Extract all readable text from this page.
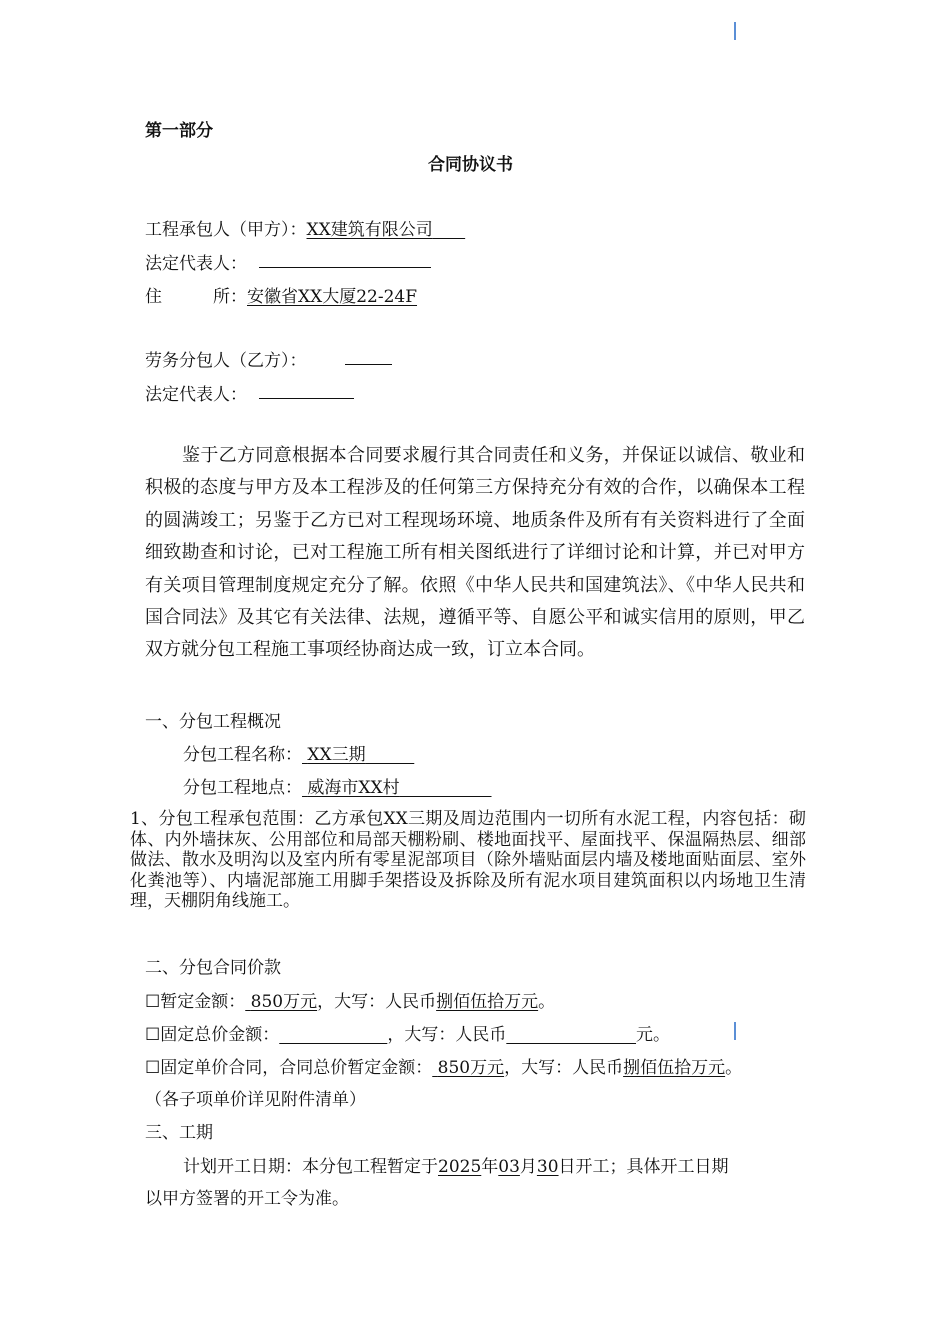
第一部分
合同协议书
工程承包人（甲方）：XX建筑有限公司
法定代表人：
住　　　所：安徽省XX大厦22-24F
劳务分包人（乙方）：
法定代表人：
鉴于乙方同意根据本合同要求履行其合同责任和义务，并保证以诚信、敬业和积极的态度与甲方及本工程涉及的任何第三方保持充分有效的合作，以确保本工程的圆满竣工；另鉴于乙方已对工程现场环境、地质条件及所有有关资料进行了全面细致勘查和讨论，已对工程施工所有相关图纸进行了详细讨论和计算，并已对甲方有关项目管理制度规定充分了解。依照《中华人民共和国建筑法》、《中华人民共和国合同法》及其它有关法律、法规，遵循平等、自愿公平和诚实信用的原则，甲乙双方就分包工程施工事项经协商达成一致，订立本合同。
一、分包工程概况
分包工程名称： XX三期
分包工程地点： 威海市XX村
1、分包工程承包范围：乙方承包XX三期及周边范围内一切所有水泥工程，内容包括：砌体、内外墙抹灰、公用部位和局部天棚粉刷、楼地面找平、屋面找平、保温隔热层、细部做法、散水及明沟以及室内所有零星泥部项目（除外墙贴面层内墙及楼地面贴面层、室外化粪池等）、内墙泥部施工用脚手架搭设及拆除及所有泥水项目建筑面积以内场地卫生清理，天棚阴角线施工。
二、分包合同价款
☐暂定金额： 850万元，大写：人民币捌佰伍拾万元。
☐固定总价金额：	，大写：人民币	元。
☐固定单价合同，合同总价暂定金额： 850万元，大写：人民币捌佰伍拾万元。
（各子项单价详见附件清单）
三、工期
计划开工日期：本分包工程暂定于2025年03月30日开工；具体开工日期
以甲方签署的开工令为准。
